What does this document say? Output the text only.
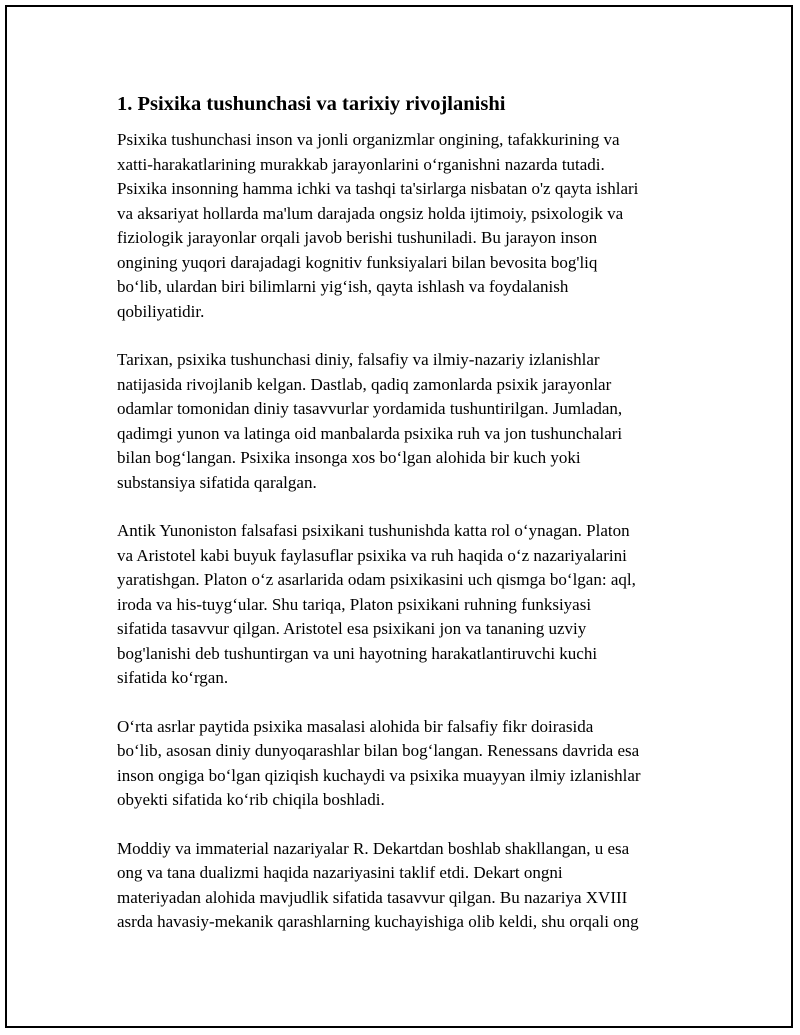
1. Psixika tushunchasi va tarixiy rivojlanishi
Psixika tushunchasi inson va jonli organizmlar ongining, tafakkurining va
xatti-harakatlarining murakkab jarayonlarini o‘rganishni nazarda tutadi.
Psixika insonning hamma ichki va tashqi ta'sirlarga nisbatan o'z qayta ishlari
va aksariyat hollarda ma'lum darajada ongsiz holda ijtimoiy, psixologik va
fiziologik jarayonlar orqali javob berishi tushuniladi. Bu jarayon inson
ongining yuqori darajadagi kognitiv funksiyalari bilan bevosita bog'liq
bo‘lib, ulardan biri bilimlarni yig‘ish, qayta ishlash va foydalanish
qobiliyatidir.
Tarixan, psixika tushunchasi diniy, falsafiy va ilmiy-nazariy izlanishlar
natijasida rivojlanib kelgan. Dastlab, qadiq zamonlarda psixik jarayonlar
odamlar tomonidan diniy tasavvurlar yordamida tushuntirilgan. Jumladan,
qadimgi yunon va latinga oid manbalarda psixika ruh va jon tushunchalari
bilan bog‘langan. Psixika insonga xos bo‘lgan alohida bir kuch yoki
substansiya sifatida qaralgan.
Antik Yunoniston falsafasi psixikani tushunishda katta rol o‘ynagan. Platon
va Aristotel kabi buyuk faylasuflar psixika va ruh haqida o‘z nazariyalarini
yaratishgan. Platon o‘z asarlarida odam psixikasini uch qismga bo‘lgan: aql,
iroda va his-tuyg‘ular. Shu tariqa, Platon psixikani ruhning funksiyasi
sifatida tasavvur qilgan. Aristotel esa psixikani jon va tananing uzviy
bog'lanishi deb tushuntirgan va uni hayotning harakatlantiruvchi kuchi
sifatida ko‘rgan.
O‘rta asrlar paytida psixika masalasi alohida bir falsafiy fikr doirasida
bo‘lib, asosan diniy dunyoqarashlar bilan bog‘langan. Renessans davrida esa
inson ongiga bo‘lgan qiziqish kuchaydi va psixika muayyan ilmiy izlanishlar
obyekti sifatida ko‘rib chiqila boshladi.
Moddiy va immaterial nazariyalar R. Dekartdan boshlab shakllangan, u esa
ong va tana dualizmi haqida nazariyasini taklif etdi. Dekart ongni
materiyadan alohida mavjudlik sifatida tasavvur qilgan. Bu nazariya XVIII
asrda havasiy-mekanik qarashlarning kuchayishiga olib keldi, shu orqali ong
